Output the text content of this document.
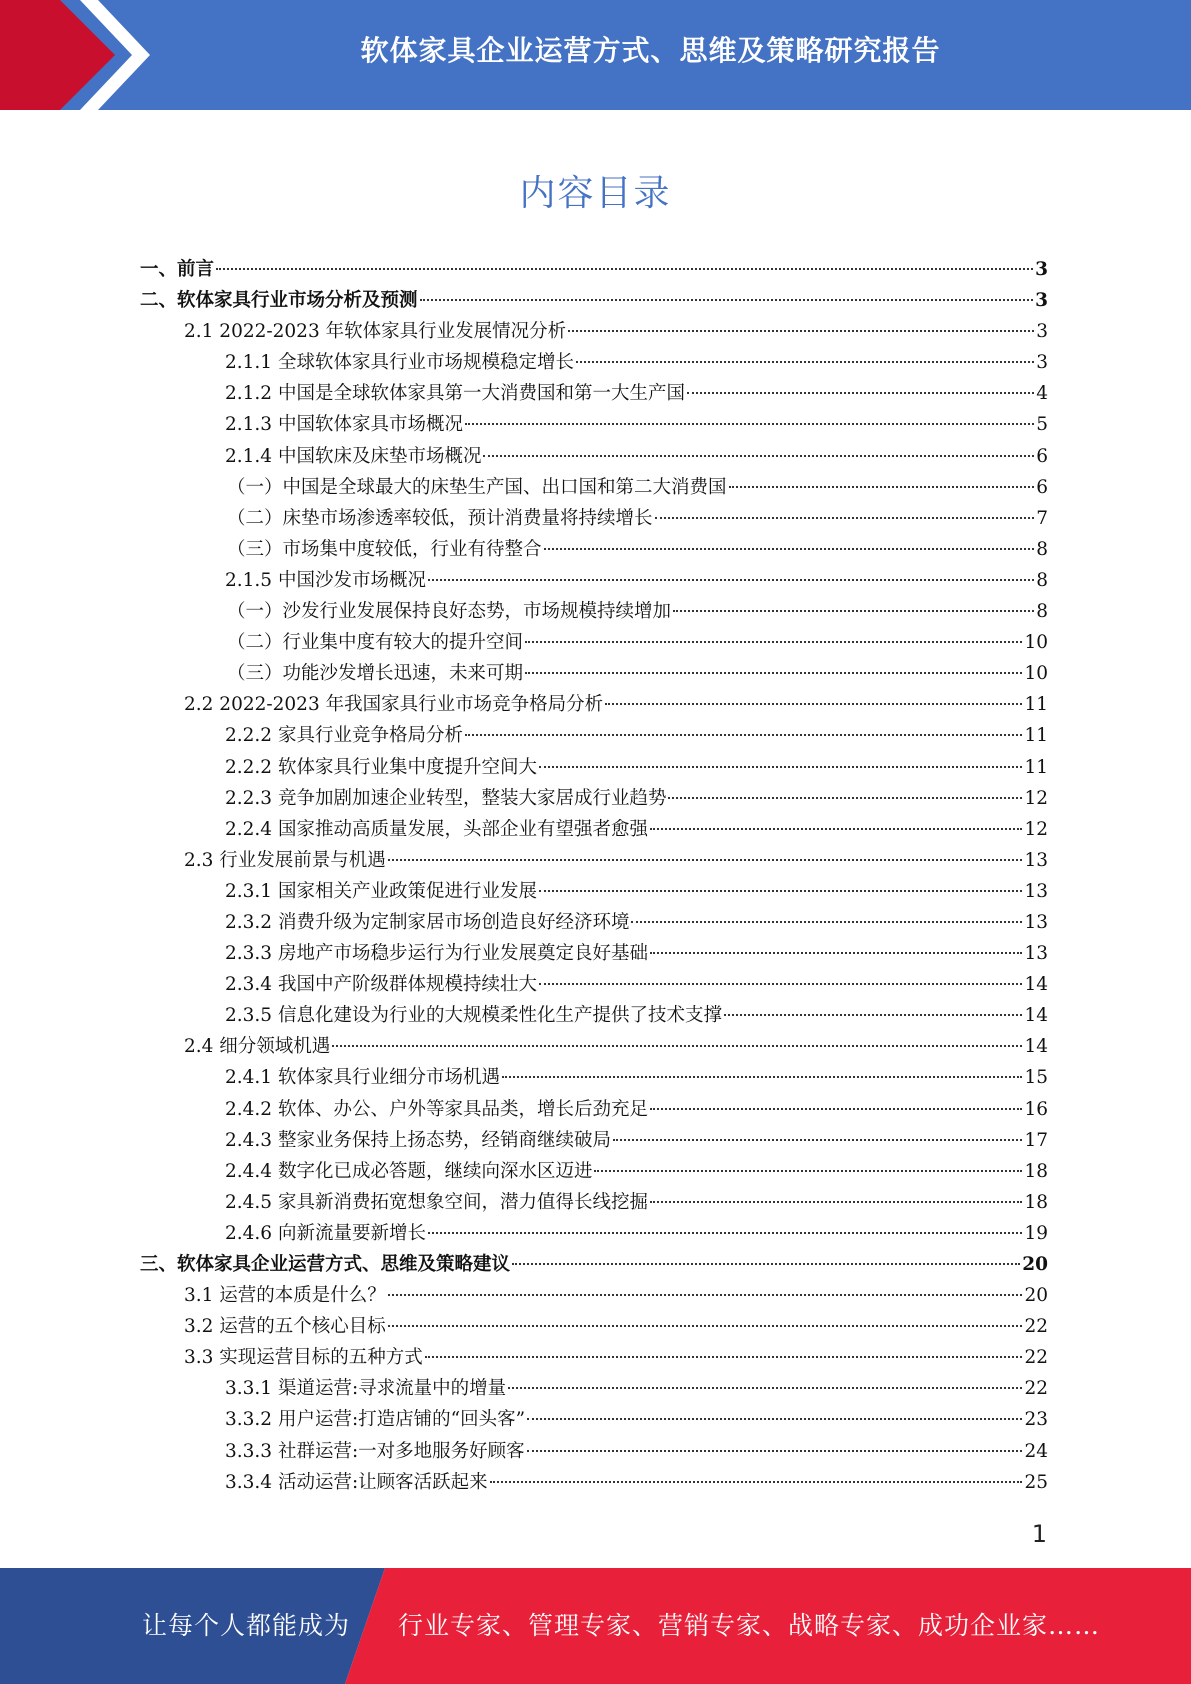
软体家具企业运营方式、思维及策略研究报告
内容目录
一、前言	3
二、软体家具行业市场分析及预测	3
2.1 2022-2023 年软体家具行业发展情况分析	3
2.1.1 全球软体家具行业市场规模稳定增长	3
2.1.2 中国是全球软体家具第一大消费国和第一大生产国	4
2.1.3 中国软体家具市场概况	5
2.1.4 中国软床及床垫市场概况	6
（一）中国是全球最大的床垫生产国、出口国和第二大消费国	6
（二）床垫市场渗透率较低，预计消费量将持续增长	7
（三）市场集中度较低，行业有待整合	8
2.1.5 中国沙发市场概况	8
（一）沙发行业发展保持良好态势，市场规模持续增加	8
（二）行业集中度有较大的提升空间	10
（三）功能沙发增长迅速，未来可期	10
2.2 2022-2023 年我国家具行业市场竞争格局分析	11
2.2.2 家具行业竞争格局分析	11
2.2.2 软体家具行业集中度提升空间大	11
2.2.3 竞争加剧加速企业转型，整装大家居成行业趋势	12
2.2.4 国家推动高质量发展，头部企业有望强者愈强	12
2.3 行业发展前景与机遇	13
2.3.1 国家相关产业政策促进行业发展	13
2.3.2 消费升级为定制家居市场创造良好经济环境	13
2.3.3 房地产市场稳步运行为行业发展奠定良好基础	13
2.3.4 我国中产阶级群体规模持续壮大	14
2.3.5 信息化建设为行业的大规模柔性化生产提供了技术支撑	14
2.4 细分领域机遇	14
2.4.1 软体家具行业细分市场机遇	15
2.4.2 软体、办公、户外等家具品类，增长后劲充足	16
2.4.3 整家业务保持上扬态势，经销商继续破局	17
2.4.4 数字化已成必答题，继续向深水区迈进	18
2.4.5 家具新消费拓宽想象空间，潜力值得长线挖掘	18
2.4.6 向新流量要新增长	19
三、软体家具企业运营方式、思维及策略建议	20
3.1 运营的本质是什么？	20
3.2 运营的五个核心目标	22
3.3 实现运营目标的五种方式	22
3.3.1 渠道运营:寻求流量中的增量	22
3.3.2 用户运营:打造店铺的“回头客”	23
3.3.3 社群运营:一对多地服务好顾客	24
3.3.4 活动运营:让顾客活跃起来	25
1
让每个人都能成为 行业专家、管理专家、营销专家、战略专家、成功企业家……
